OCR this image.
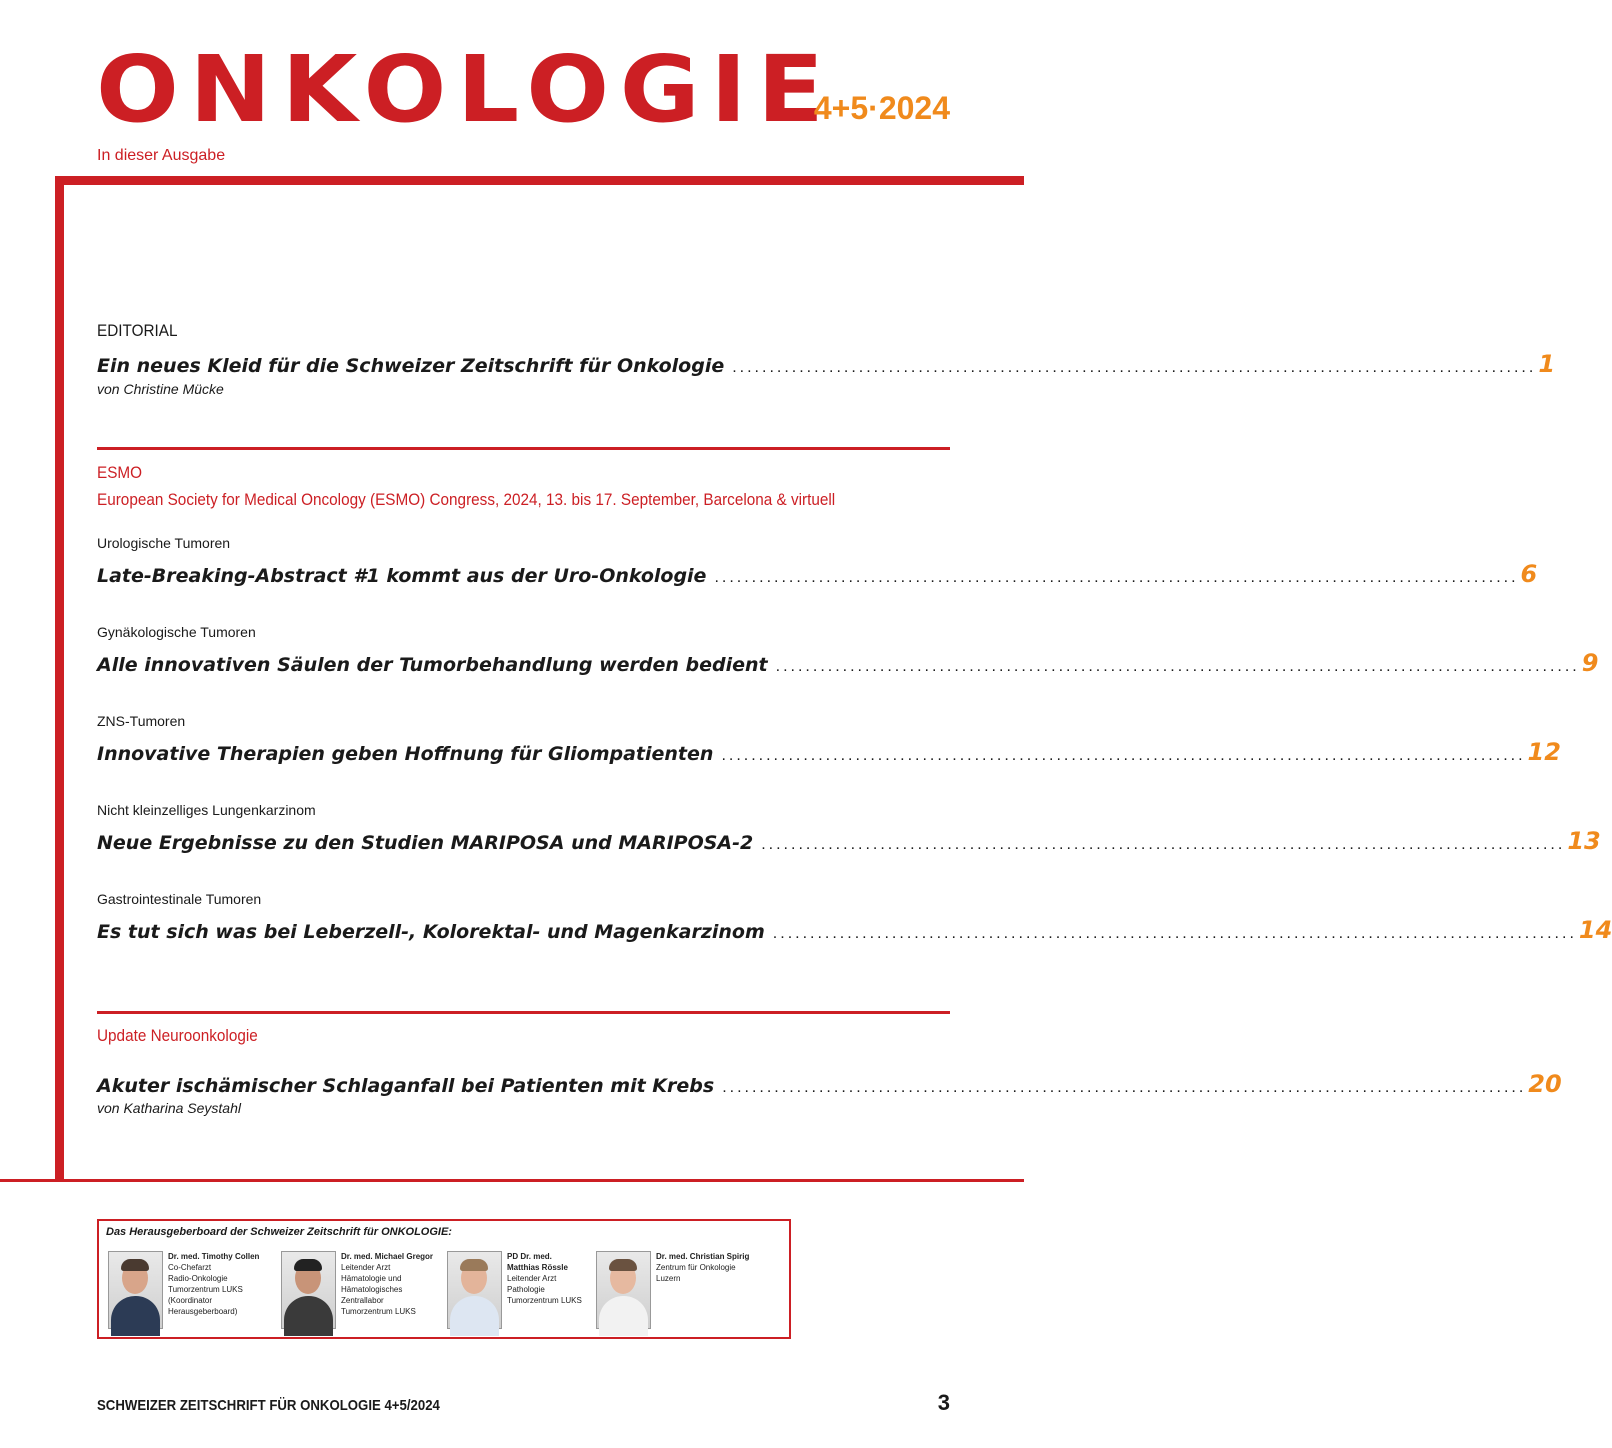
ONKOLOGIE
4+5·2024
In dieser Ausgabe
EDITORIAL
Ein neues Kleid für die Schweizer Zeitschrift für Onkologie ............................................................................................................ 1
von Christine Mücke
ESMO
European Society for Medical Oncology (ESMO) Congress, 2024, 13. bis 17. September, Barcelona & virtuell
Urologische Tumoren
Late-Breaking-Abstract #1 kommt aus der Uro-Onkologie ............................................................................................................ 6
Gynäkologische Tumoren
Alle innovativen Säulen der Tumorbehandlung werden bedient ............................................................................................................ 9
ZNS-Tumoren
Innovative Therapien geben Hoffnung für Gliompatienten ............................................................................................................ 12
Nicht kleinzelliges Lungenkarzinom
Neue Ergebnisse zu den Studien MARIPOSA und MARIPOSA-2 ............................................................................................................ 13
Gastrointestinale Tumoren
Es tut sich was bei Leberzell-, Kolorektal- und Magenkarzinom ............................................................................................................ 14
Update Neuroonkologie
Akuter ischämischer Schlaganfall bei Patienten mit Krebs ............................................................................................................ 20
von Katharina Seystahl
Das Herausgeberboard der Schweizer Zeitschrift für ONKOLOGIE:
Dr. med. Timothy Collen
Co-Chefarzt
Radio-Onkologie
Tumorzentrum LUKS
(Koordinator
Herausgeberboard)
Dr. med. Michael Gregor
Leitender Arzt
Hämatologie und
Hämatologisches
Zentrallabor
Tumorzentrum LUKS
PD Dr. med.
Matthias Rössle
Leitender Arzt
Pathologie
Tumorzentrum LUKS
Dr. med. Christian Spirig
Zentrum für Onkologie
Luzern
SCHWEIZER ZEITSCHRIFT FÜR ONKOLOGIE 4+5/2024	3
